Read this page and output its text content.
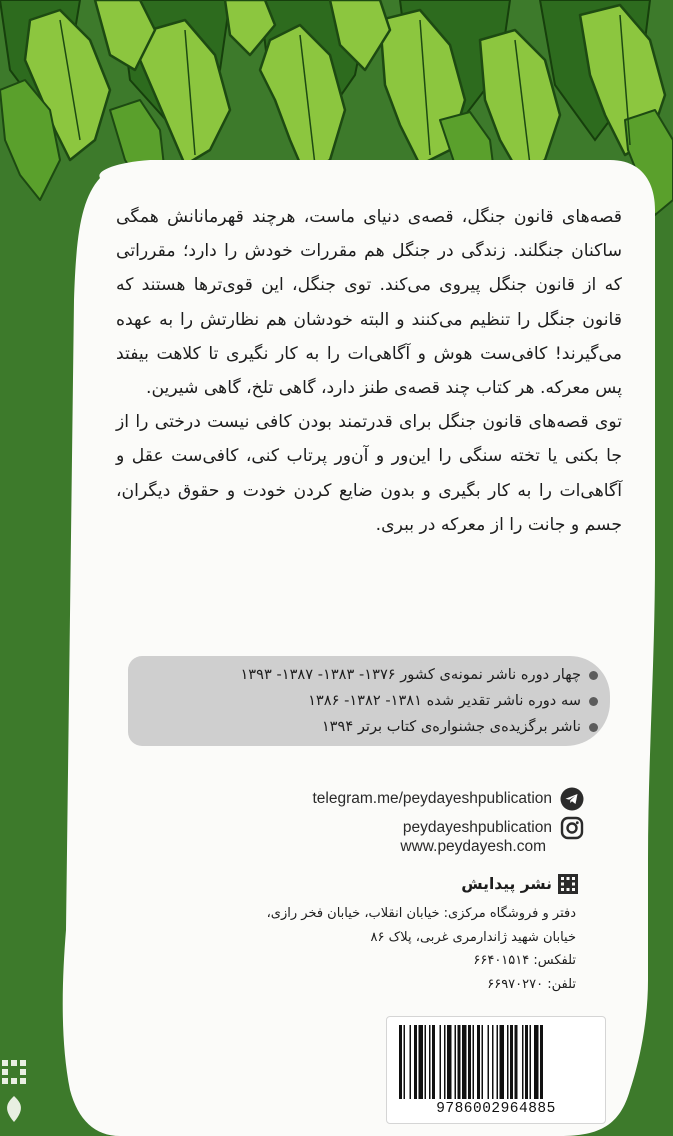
قصه‌های قانون جنگل، قصه‌ی دنیای ماست، هرچند قهرمانانش همگی ساکنان جنگلند. زندگی در جنگل هم مقررات خودش را دارد؛ مقرراتی که از قانون جنگل پیروی می‌کند. توی جنگل، این قوی‌ترها هستند که قانون جنگل را تنظیم می‌کنند و البته خودشان هم نظارتش را به عهده می‌گیرند! کافی‌ست هوش و آگاهی‌ات را به کار نگیری تا کلاهت بیفتد پس معرکه. هر کتاب چند قصه‌ی طنز دارد، گاهی تلخ، گاهی شیرین.

توی قصه‌های قانون جنگل برای قدرتمند بودن کافی نیست درختی را از جا بکنی یا تخته سنگی را این‌ور و آن‌ور پرتاب کنی، کافی‌ست عقل و آگاهی‌ات را به کار بگیری و بدون ضایع کردن خودت و حقوق دیگران، جسم و جانت را از معرکه در ببری.

چهار دوره ناشر نمونه‌ی کشور ۱۳۷۶- ۱۳۸۳- ۱۳۸۷- ۱۳۹۳
سه دوره ناشر تقدیر شده ۱۳۸۱- ۱۳۸۲- ۱۳۸۶
ناشر برگزیده‌ی جشنواره‌ی کتاب برتر ۱۳۹۴
telegram.me/peydayeshpublication
peydayeshpublication
www.peydayesh.com
نشر پیدایش
دفتر و فروشگاه مرکزی: خیابان انقلاب، خیابان فخر رازی،
خیابان شهید ژاندارمری غربی، پلاک ۸۶
تلفکس: ۶۶۴۰۱۵۱۴
تلفن: ۶۶۹۷۰۲۷۰
9786002964885
